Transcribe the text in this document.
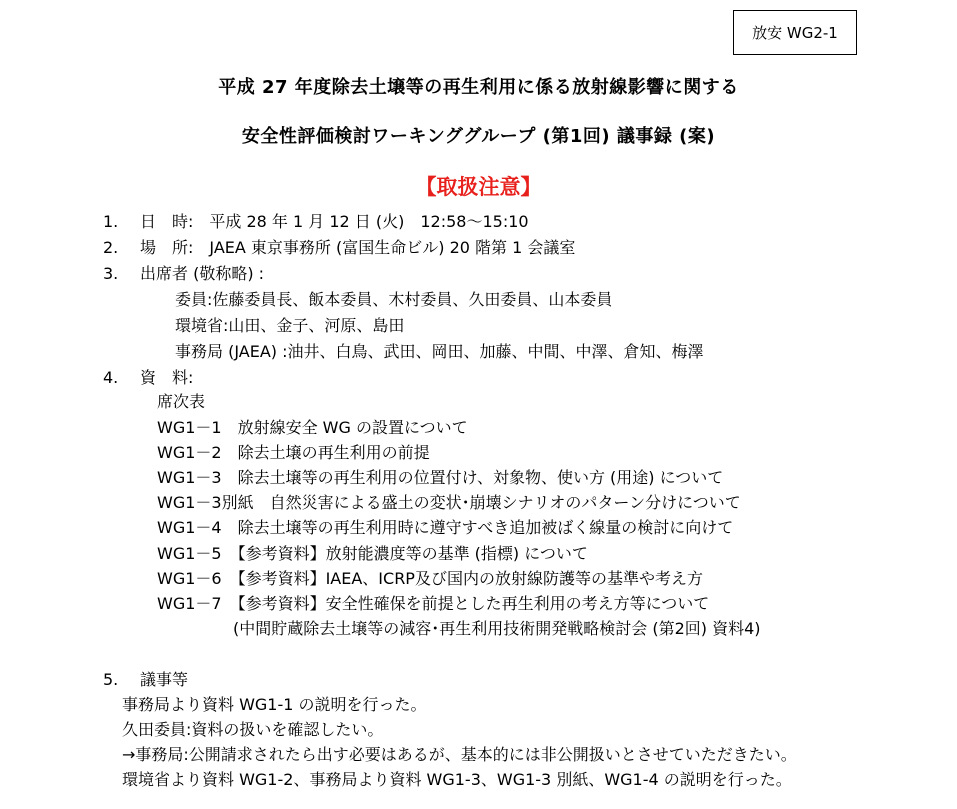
放安 WG2-1
平成 27 年度除去土壌等の再生利用に係る放射線影響に関する
安全性評価検討ワーキンググループ (第1回) 議事録 (案)
【取扱注意】
1. 日　時:　平成 28 年 1 月 12 日 (火)　12:58～15:10
2. 場　所:　JAEA 東京事務所 (富国生命ビル) 20 階第 1 会議室
3. 出席者 (敬称略) :
委員:佐藤委員長、飯本委員、木村委員、久田委員、山本委員
環境省:山田、金子、河原、島田
事務局 (JAEA) :油井、白鳥、武田、岡田、加藤、中間、中澤、倉知、梅澤
4. 資　料:
席次表
WG1－1　放射線安全 WG の設置について
WG1－2　除去土壌の再生利用の前提
WG1－3　除去土壌等の再生利用の位置付け、対象物、使い方 (用途) について
WG1－3別紙　自然災害による盛土の変状･崩壊シナリオのパターン分けについて
WG1－4　除去土壌等の再生利用時に遵守すべき追加被ばく線量の検討に向けて
WG1－5　【参考資料】放射能濃度等の基準 (指標) について
WG1－6　【参考資料】IAEA、ICRP及び国内の放射線防護等の基準や考え方
WG1－7　【参考資料】安全性確保を前提とした再生利用の考え方等について
(中間貯蔵除去土壌等の減容･再生利用技術開発戦略検討会 (第2回) 資料4)
5. 議事等
事務局より資料 WG1-1 の説明を行った。
久田委員:資料の扱いを確認したい。
→事務局:公開請求されたら出す必要はあるが、基本的には非公開扱いとさせていただきたい。
環境省より資料 WG1-2、事務局より資料 WG1-3、WG1-3 別紙、WG1-4 の説明を行った。
